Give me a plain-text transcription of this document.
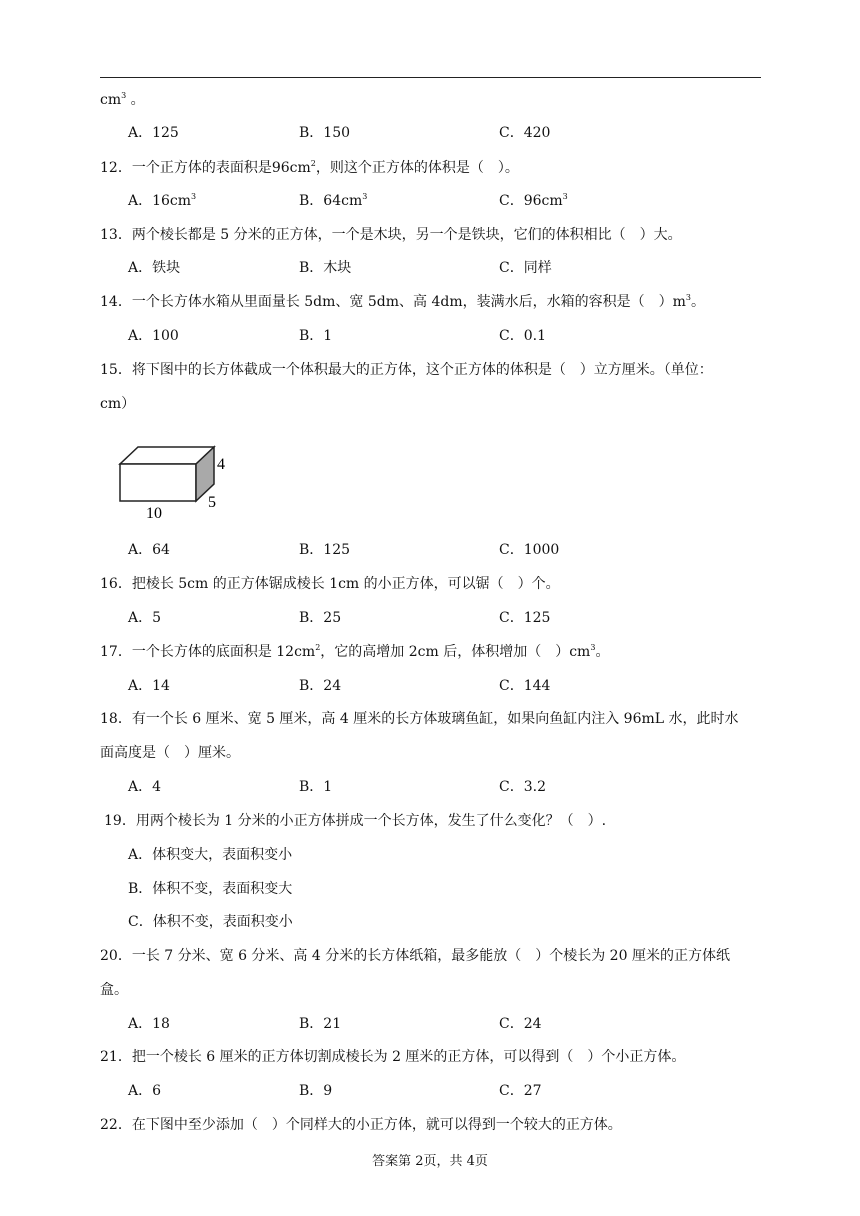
$cm^3$ 。
A．125	B．150	C．420
12．一个正方体的表面积是$96cm^2$，则这个正方体的体积是（　）。
A．$16cm^3$	B．$64cm^3$	C．$96cm^3$
13．两个棱长都是 5 分米的正方体，一个是木块，另一个是铁块，它们的体积相比（　）大。
A．铁块	B．木块	C．同样
14．一个长方体水箱从里面量长 5dm、宽 5dm、高 4dm，装满水后，水箱的容积是（　）$m^3$。
A．100	B．1	C．0.1
15．将下图中的长方体截成一个体积最大的正方体，这个正方体的体积是（　）立方厘米。（单位：
cm）
4
5
10
A．64	B．125	C．1000
16．把棱长 5cm 的正方体锯成棱长 1cm 的小正方体，可以锯（　）个。
A．5	B．25	C．125
17．一个长方体的底面积是 $12cm^2$，它的高增加 2cm 后，体积增加（　）$cm^3$。
A．14	B．24	C．144
18．有一个长 6 厘米、宽 5 厘米，高 4 厘米的长方体玻璃鱼缸，如果向鱼缸内注入 96mL 水，此时水
面高度是（　）厘米。
A．4	B．1	C．3.2
19．用两个棱长为 1 分米的小正方体拼成一个长方体，发生了什么变化？（　）.
A．体积变大，表面积变小
B．体积不变，表面积变大
C．体积不变，表面积变小
20．一长 7 分米、宽 6 分米、高 4 分米的长方体纸箱，最多能放（　）个棱长为 20 厘米的正方体纸
盒。
A．18	B．21	C．24
21．把一个棱长 6 厘米的正方体切割成棱长为 2 厘米的正方体，可以得到（　）个小正方体。
A．6	B．9	C．27
22．在下图中至少添加（　）个同样大的小正方体，就可以得到一个较大的正方体。
答案第 2页，共 4页
